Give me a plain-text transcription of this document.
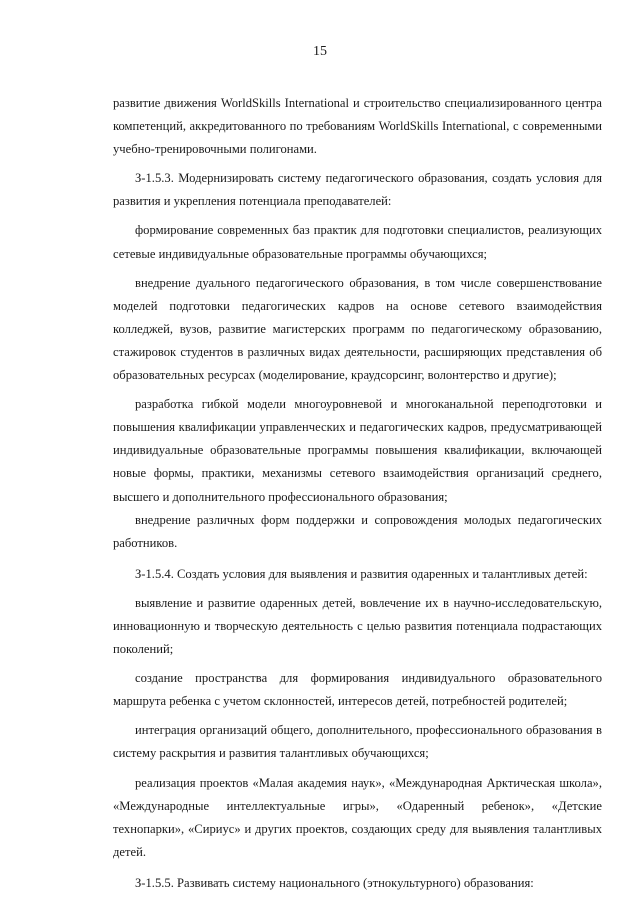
15

развитие движения WorldSkills International и строительство специализированного центра компетенций, аккредитованного по требованиям WorldSkills International, с современными учебно-тренировочными полигонами.

З-1.5.3. Модернизировать систему педагогического образования, создать условия для развития и укрепления потенциала преподавателей:

формирование современных баз практик для подготовки специалистов, реализующих сетевые индивидуальные образовательные программы обучающихся;

внедрение дуального педагогического образования, в том числе совершенствование моделей подготовки педагогических кадров на основе сетевого взаимодействия колледжей, вузов, развитие магистерских программ по педагогическому образованию, стажировок студентов в различных видах деятельности, расширяющих представления об образовательных ресурсах (моделирование, краудсорсинг, волонтерство и другие);

разработка гибкой модели многоуровневой и многоканальной переподготовки и повышения квалификации управленческих и педагогических кадров, предусматривающей индивидуальные образовательные программы повышения квалификации, включающей новые формы, практики, механизмы сетевого взаимодействия организаций среднего, высшего и дополнительного профессионального образования;

внедрение различных форм поддержки и сопровождения молодых педагогических работников.

З-1.5.4. Создать условия для выявления и развития одаренных и талантливых детей:

выявление и развитие одаренных детей, вовлечение их в научно-исследовательскую, инновационную и творческую деятельность с целью развития потенциала подрастающих поколений;

создание пространства для формирования индивидуального образовательного маршрута ребенка с учетом склонностей, интересов детей, потребностей родителей;

интеграция организаций общего, дополнительного, профессионального образования в систему раскрытия и развития талантливых обучающихся;

реализация проектов «Малая академия наук», «Международная Арктическая школа», «Международные интеллектуальные игры», «Одаренный ребенок», «Детские технопарки», «Сириус» и других проектов, создающих среду для выявления талантливых детей.

З-1.5.5. Развивать систему национального (этнокультурного) образования:
